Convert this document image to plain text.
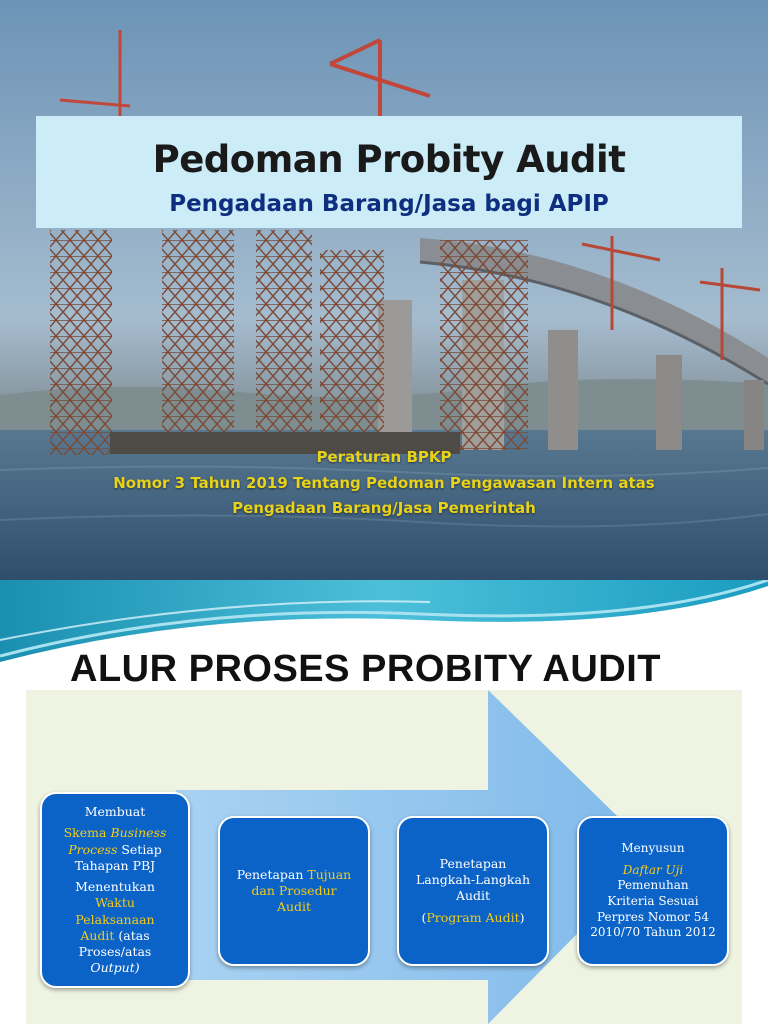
Pedoman Probity Audit
Pengadaan Barang/Jasa bagi APIP
Peraturan BPKP
Nomor 3 Tahun 2019 Tentang Pedoman Pengawasan Intern atas
Pengadaan Barang/Jasa Pemerintah
ALUR PROSES PROBITY AUDIT
Membuat
Skema Business
Process Setiap
Tahapan PBJ
Menentukan
Waktu
Pelaksanaan
Audit (atas
Proses/atas
Output)
Penetapan Tujuan
dan Prosedur
Audit
Penetapan
Langkah-Langkah
Audit
(Program Audit)
Menyusun
Daftar Uji
Pemenuhan
Kriteria Sesuai
Perpres Nomor 54
2010/70 Tahun 2012
